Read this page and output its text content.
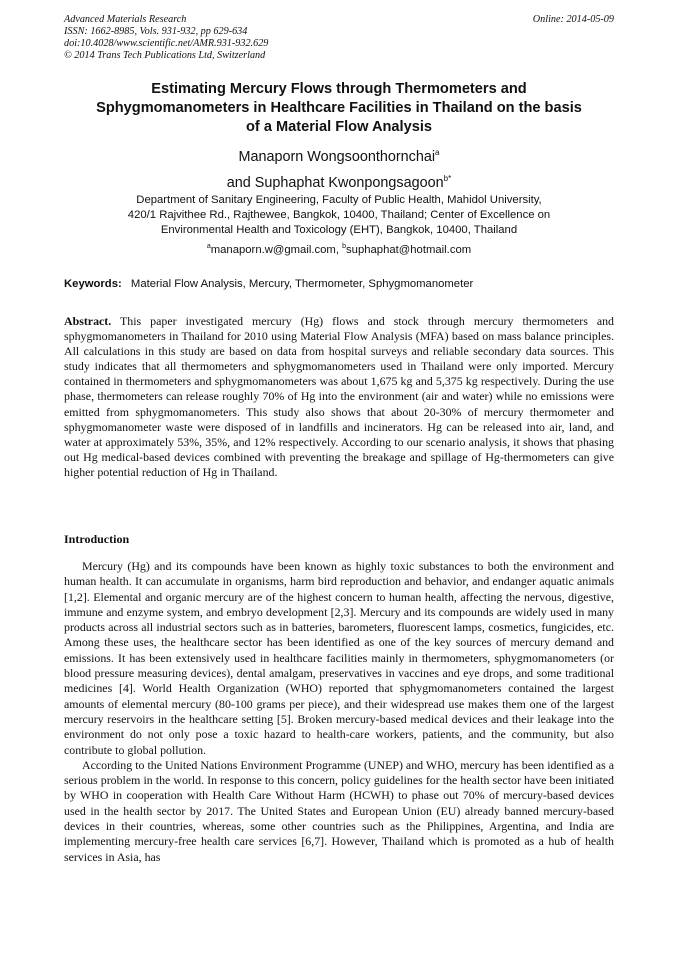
Advanced Materials Research
ISSN: 1662-8985, Vols. 931-932, pp 629-634
doi:10.4028/www.scientific.net/AMR.931-932.629
© 2014 Trans Tech Publications Ltd, Switzerland
Online: 2014-05-09
Estimating Mercury Flows through Thermometers and
Sphygmomanometers in Healthcare Facilities in Thailand on the basis
of a Material Flow Analysis
Manaporn Wongsoonthornchai$^a$
and Suphaphat Kwonpongsagoon$^{b*}$
Department of Sanitary Engineering, Faculty of Public Health, Mahidol University,
420/1 Rajvithee Rd., Rajthewee, Bangkok, 10400, Thailand; Center of Excellence on
Environmental Health and Toxicology (EHT), Bangkok, 10400, Thailand
$^a$manaporn.w@gmail.com, $^b$suphaphat@hotmail.com
Keywords: Material Flow Analysis, Mercury, Thermometer, Sphygmomanometer
Abstract. This paper investigated mercury (Hg) flows and stock through mercury thermometers and sphygmomanometers in Thailand for 2010 using Material Flow Analysis (MFA) based on mass balance principles. All calculations in this study are based on data from hospital surveys and reliable secondary data sources. This study indicates that all thermometers and sphygmomanometers used in Thailand were only imported. Mercury contained in thermometers and sphygmomanometers was about 1,675 kg and 5,375 kg respectively. During the use phase, thermometers can release roughly 70% of Hg into the environment (air and water) while no emissions were emitted from sphygmomanometers. This study also shows that about 20-30% of mercury thermometer and sphygmomanometer waste were disposed of in landfills and incinerators. Hg can be released into air, land, and water at approximately 53%, 35%, and 12% respectively. According to our scenario analysis, it shows that phasing out Hg medical-based devices combined with preventing the breakage and spillage of Hg-thermometers can give higher potential reduction of Hg in Thailand.
Introduction

Mercury (Hg) and its compounds have been known as highly toxic substances to both the environment and human health. It can accumulate in organisms, harm bird reproduction and behavior, and endanger aquatic animals [1,2]. Elemental and organic mercury are of the highest concern to human health, affecting the nervous, digestive, immune and enzyme system, and embryo development [2,3]. Mercury and its compounds are widely used in many products across all industrial sectors such as in batteries, barometers, fluorescent lamps, cosmetics, fungicides, etc. Among these uses, the healthcare sector has been identified as one of the key sources of mercury demand and emissions. It has been extensively used in healthcare facilities mainly in thermometers, sphygmomanometers (or blood pressure measuring devices), dental amalgam, preservatives in vaccines and eye drops, and some traditional medicines [4]. World Health Organization (WHO) reported that sphygmomanometers contained the largest amounts of elemental mercury (80-100 grams per piece), and their widespread use makes them one of the largest mercury reservoirs in the healthcare setting [5]. Broken mercury-based medical devices and their leakage into the environment do not only pose a toxic hazard to health-care workers, patients, and the community, but also contribute to global pollution.

According to the United Nations Environment Programme (UNEP) and WHO, mercury has been identified as a serious problem in the world. In response to this concern, policy guidelines for the health sector have been initiated by WHO in cooperation with Health Care Without Harm (HCWH) to phase out 70% of mercury-based devices used in the health sector by 2017. The United States and European Union (EU) already banned mercury-based devices in their countries, whereas, some other countries such as the Philippines, Argentina, and India are implementing mercury-free health care services [6,7]. However, Thailand which is promoted as a hub of health services in Asia, has
